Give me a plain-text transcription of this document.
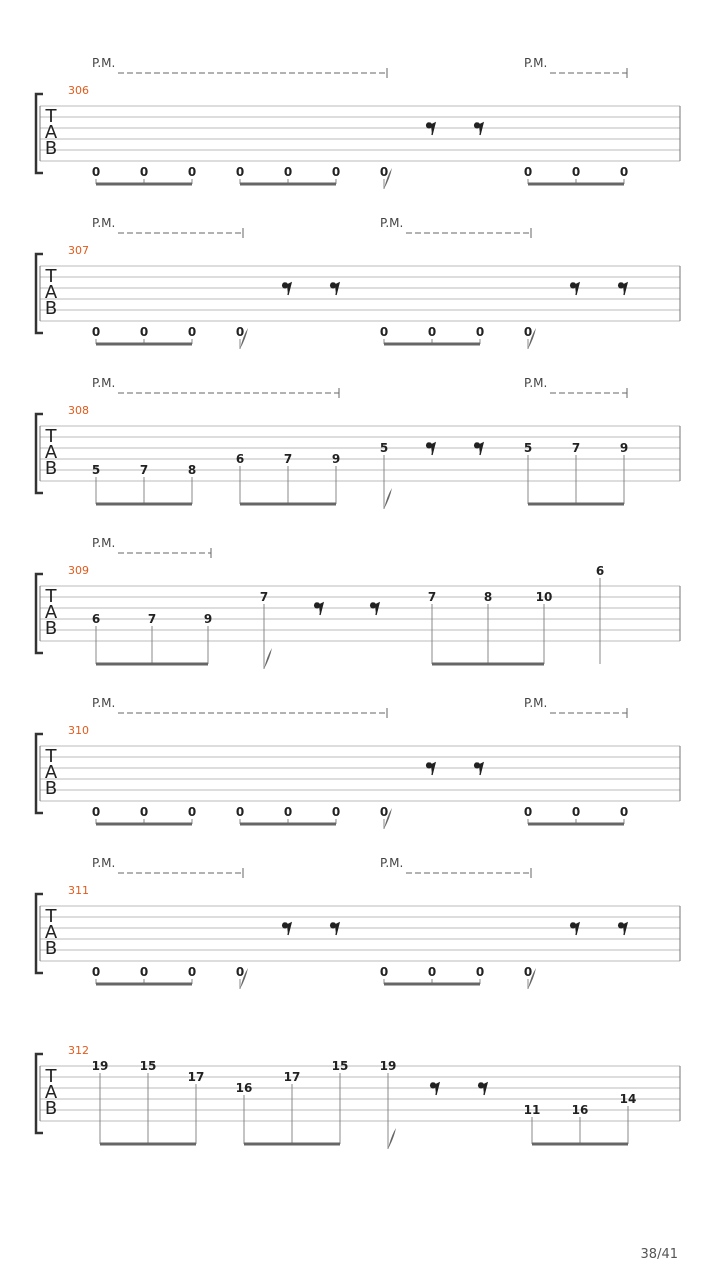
T
A
B
306
0	0	0	0	0	0	0	0	0	0
P.M.	P.M.
T
A
B
307
0	0	0	0	0	0	0	0
P.M.	P.M.
T
A
B
308
5	7	8
6	7	9
5	5	7	9
P.M.	P.M.
T
A
B
309
6	7	9
7	7	8	10
6
P.M.
T
A
B
310
0	0	0	0	0	0	0	0	0	0
P.M.	P.M.
T
A
B
311
0	0	0	0	0	0	0	0
P.M.	P.M.
T
A
B
312
19	15
17
16
17
15	19
11	16
14
38/41
